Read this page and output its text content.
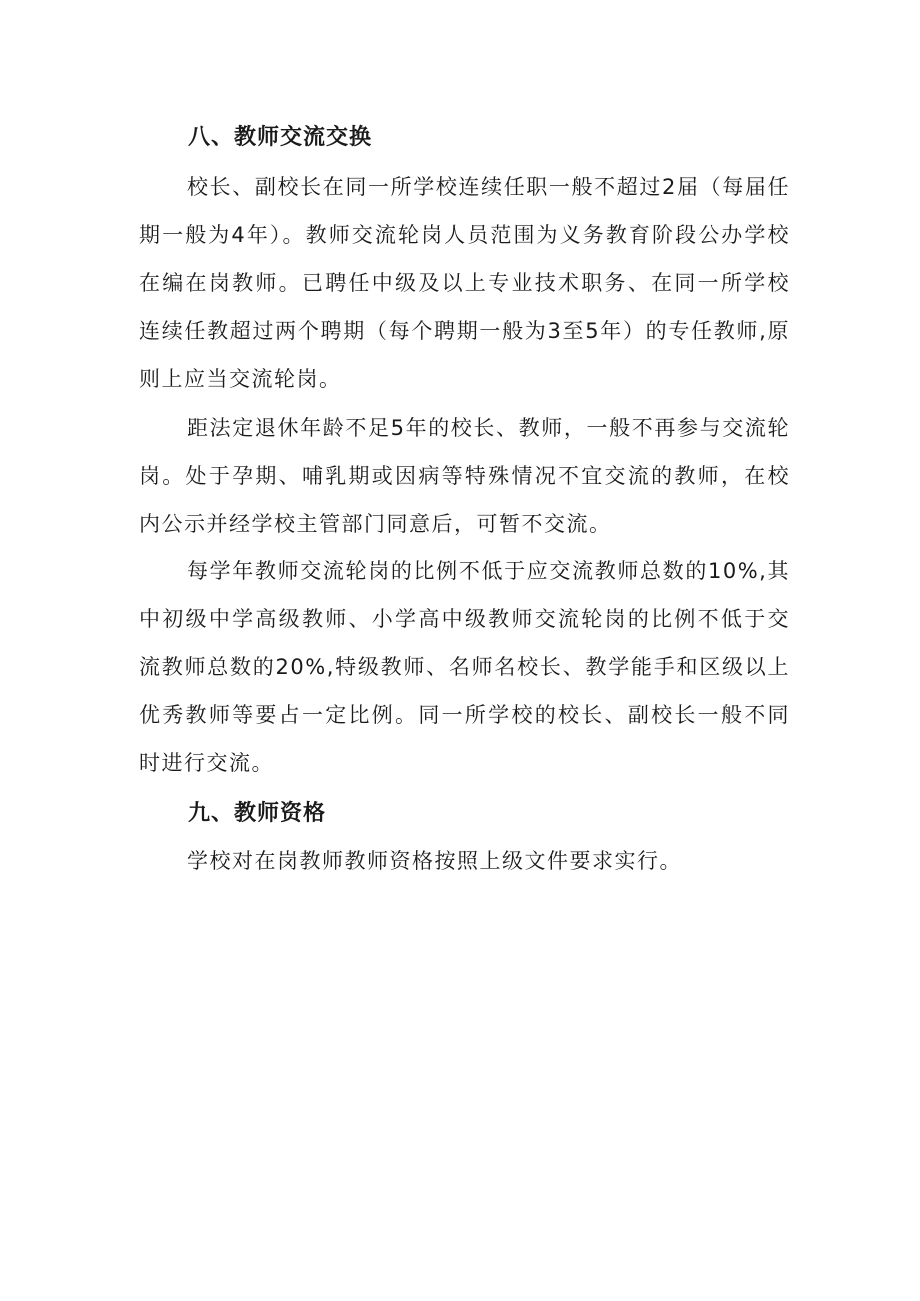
八、教师交流交换

校长、副校长在同一所学校连续任职一般不超过2届（每届任期一般为4年）。教师交流轮岗人员范围为义务教育阶段公办学校在编在岗教师。已聘任中级及以上专业技术职务、在同一所学校连续任教超过两个聘期（每个聘期一般为3至5年）的专任教师,原则上应当交流轮岗。

距法定退休年龄不足5年的校长、教师，一般不再参与交流轮岗。处于孕期、哺乳期或因病等特殊情况不宜交流的教师，在校内公示并经学校主管部门同意后，可暂不交流。

每学年教师交流轮岗的比例不低于应交流教师总数的10%,其中初级中学高级教师、小学高中级教师交流轮岗的比例不低于交流教师总数的20%,特级教师、名师名校长、教学能手和区级以上优秀教师等要占一定比例。同一所学校的校长、副校长一般不同时进行交流。

九、教师资格

学校对在岗教师教师资格按照上级文件要求实行。
